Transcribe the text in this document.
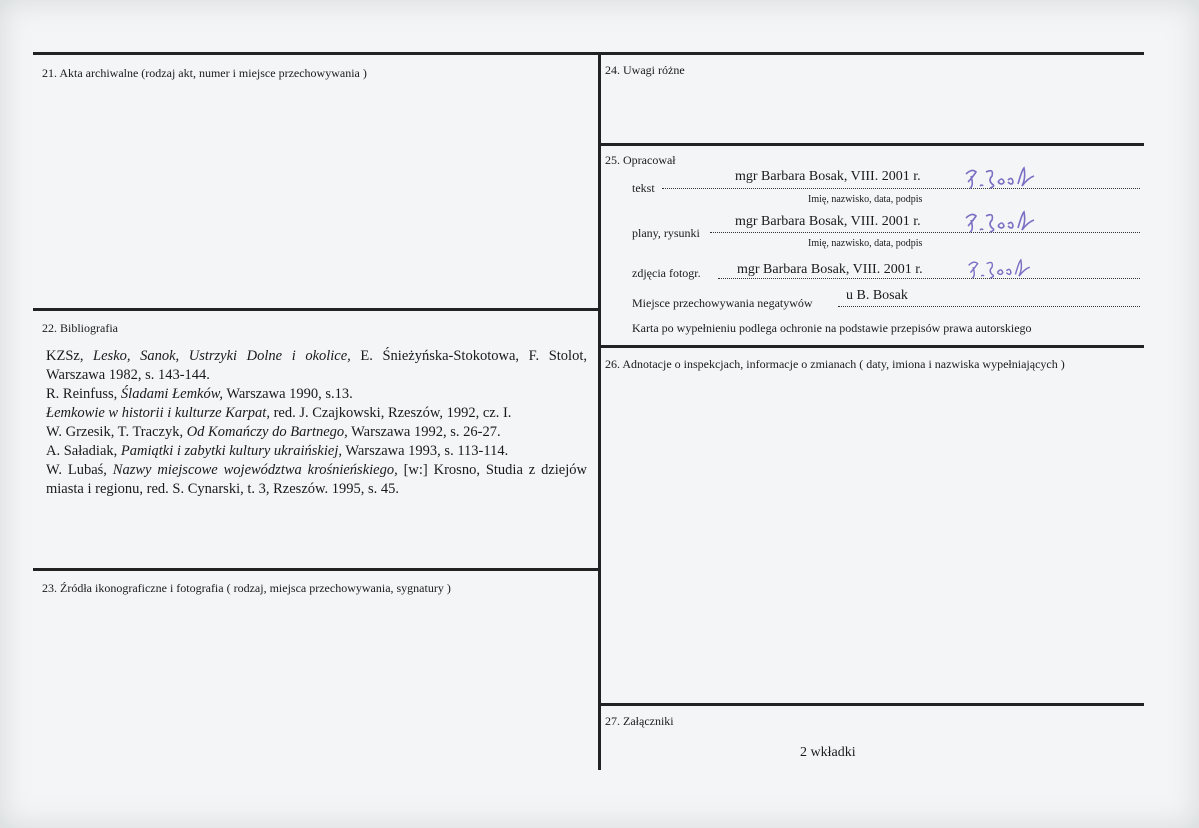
21. Akta archiwalne (rodzaj akt, numer i miejsce przechowywania )
22. Bibliografia
KZSz, Lesko, Sanok, Ustrzyki Dolne i okolice, E. Śnieżyńska-Stokotowa, F. Stolot, Warszawa 1982, s. 143-144.
R. Reinfuss, Śladami Łemków, Warszawa 1990, s.13.
Łemkowie w historii i kulturze Karpat, red. J. Czajkowski, Rzeszów, 1992, cz. I.
W. Grzesik, T. Traczyk, Od Komańczy do Bartnego, Warszawa 1992, s. 26-27.
A. Saładiak, Pamiątki i zabytki kultury ukraińskiej, Warszawa 1993, s. 113-114.
W. Lubaś, Nazwy miejscowe województwa krośnieńskiego, [w:] Krosno, Studia z dziejów miasta i regionu, red. S. Cynarski, t. 3, Rzeszów. 1995, s. 45.
23. Źródła ikonograficzne i fotografia ( rodzaj, miejsca przechowywania, sygnatury )
24. Uwagi różne
25. Opracował
tekst
mgr Barbara Bosak, VIII. 2001 r.
Imię, nazwisko, data, podpis
plany, rysunki
mgr Barbara Bosak, VIII. 2001 r.
Imię, nazwisko, data, podpis
zdjęcia fotogr.	mgr Barbara Bosak, VIII. 2001 r.
Miejsce przechowywania negatywów u B. Bosak
Karta po wypełnieniu podlega ochronie na podstawie przepisów prawa autorskiego
26. Adnotacje o inspekcjach, informacje o zmianach ( daty, imiona i nazwiska wypełniających )
27. Załączniki
2 wkładki
